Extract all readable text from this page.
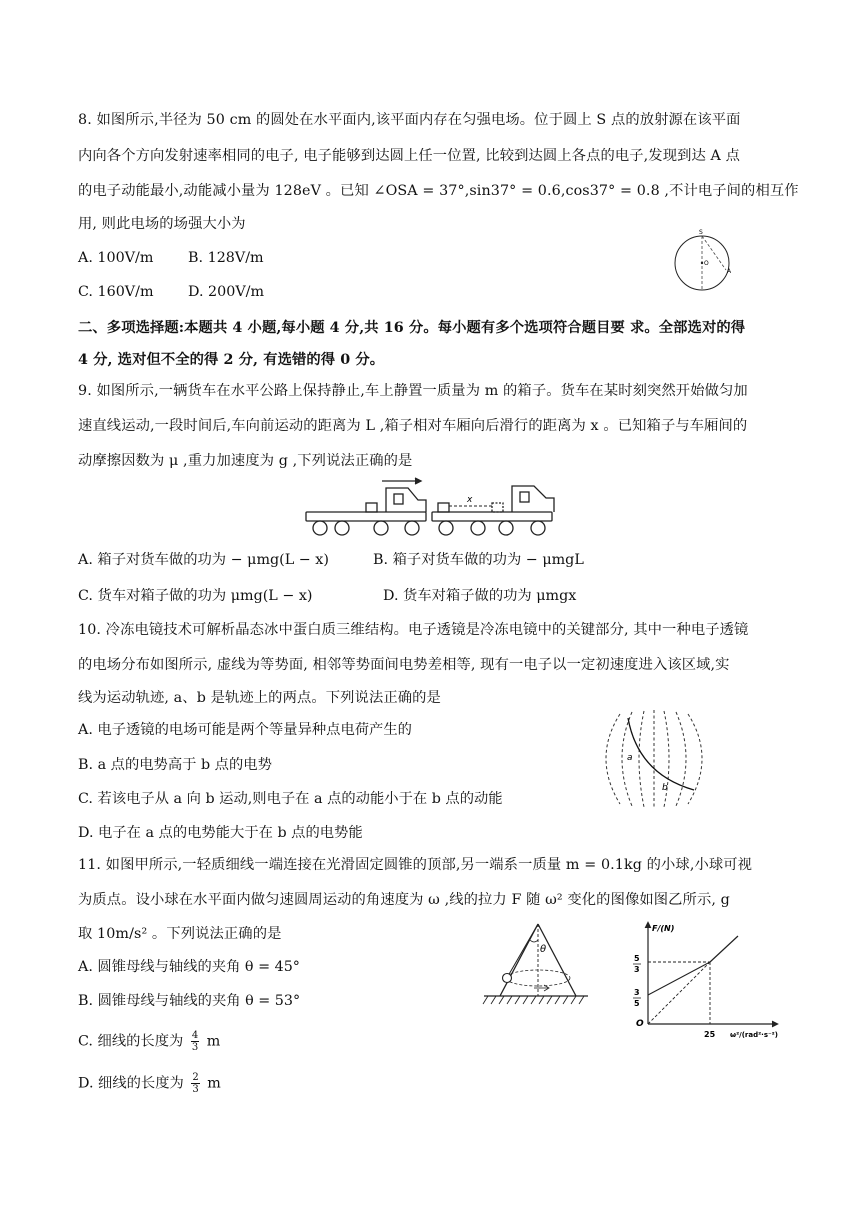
8. 如图所示,半径为 50 cm 的圆处在水平面内,该平面内存在匀强电场。位于圆上 S 点的放射源在该平面
内向各个方向发射速率相同的电子, 电子能够到达圆上任一位置, 比较到达圆上各点的电子,发现到达 A 点
的电子动能最小,动能减小量为 128eV 。已知 ∠OSA = 37°,sin37° = 0.6,cos37° = 0.8 ,不计电子间的相互作
用, 则此电场的场强大小为
A. 100V/m B. 128V/m
C. 160V/m D. 200V/m
S
O
A
二、多项选择题:本题共 4 小题,每小题 4 分,共 16 分。每小题有多个选项符合题目要 求。全部选对的得
4 分, 选对但不全的得 2 分, 有选错的得 0 分。
9. 如图所示,一辆货车在水平公路上保持静止,车上静置一质量为 m 的箱子。货车在某时刻突然开始做匀加
速直线运动,一段时间后,车向前运动的距离为 L ,箱子相对车厢向后滑行的距离为 x 。已知箱子与车厢间的
动摩擦因数为 μ ,重力加速度为 g ,下列说法正确的是
x
A. 箱子对货车做的功为 − μmg(L − x)	B. 箱子对货车做的功为 − μmgL
C. 货车对箱子做的功为 μmg(L − x)	D. 货车对箱子做的功为 μmgx
10. 冷冻电镜技术可解析晶态冰中蛋白质三维结构。电子透镜是冷冻电镜中的关键部分, 其中一种电子透镜
的电场分布如图所示, 虚线为等势面, 相邻等势面间电势差相等, 现有一电子以一定初速度进入该区域,实
线为运动轨迹, a、b 是轨迹上的两点。下列说法正确的是
A. 电子透镜的电场可能是两个等量异种点电荷产生的
B. a 点的电势高于 b 点的电势
C. 若该电子从 a 向 b 运动,则电子在 a 点的动能小于在 b 点的动能
D. 电子在 a 点的电势能大于在 b 点的电势能
a
b
11. 如图甲所示,一轻质细线一端连接在光滑固定圆锥的顶部,另一端系一质量 m = 0.1kg 的小球,小球可视
为质点。设小球在水平面内做匀速圆周运动的角速度为 ω ,线的拉力 F 随 ω² 变化的图像如图乙所示, g
取 10m/s² 。下列说法正确的是
A. 圆锥母线与轴线的夹角 θ = 45°
B. 圆锥母线与轴线的夹角 θ = 53°
C. 细线的长度为 $\frac{4}{3}$ m
D. 细线的长度为 $\frac{2}{3}$ m
θ
F/(N)
5
3
3
5
O
25 ω²/(rad²·s⁻²)
